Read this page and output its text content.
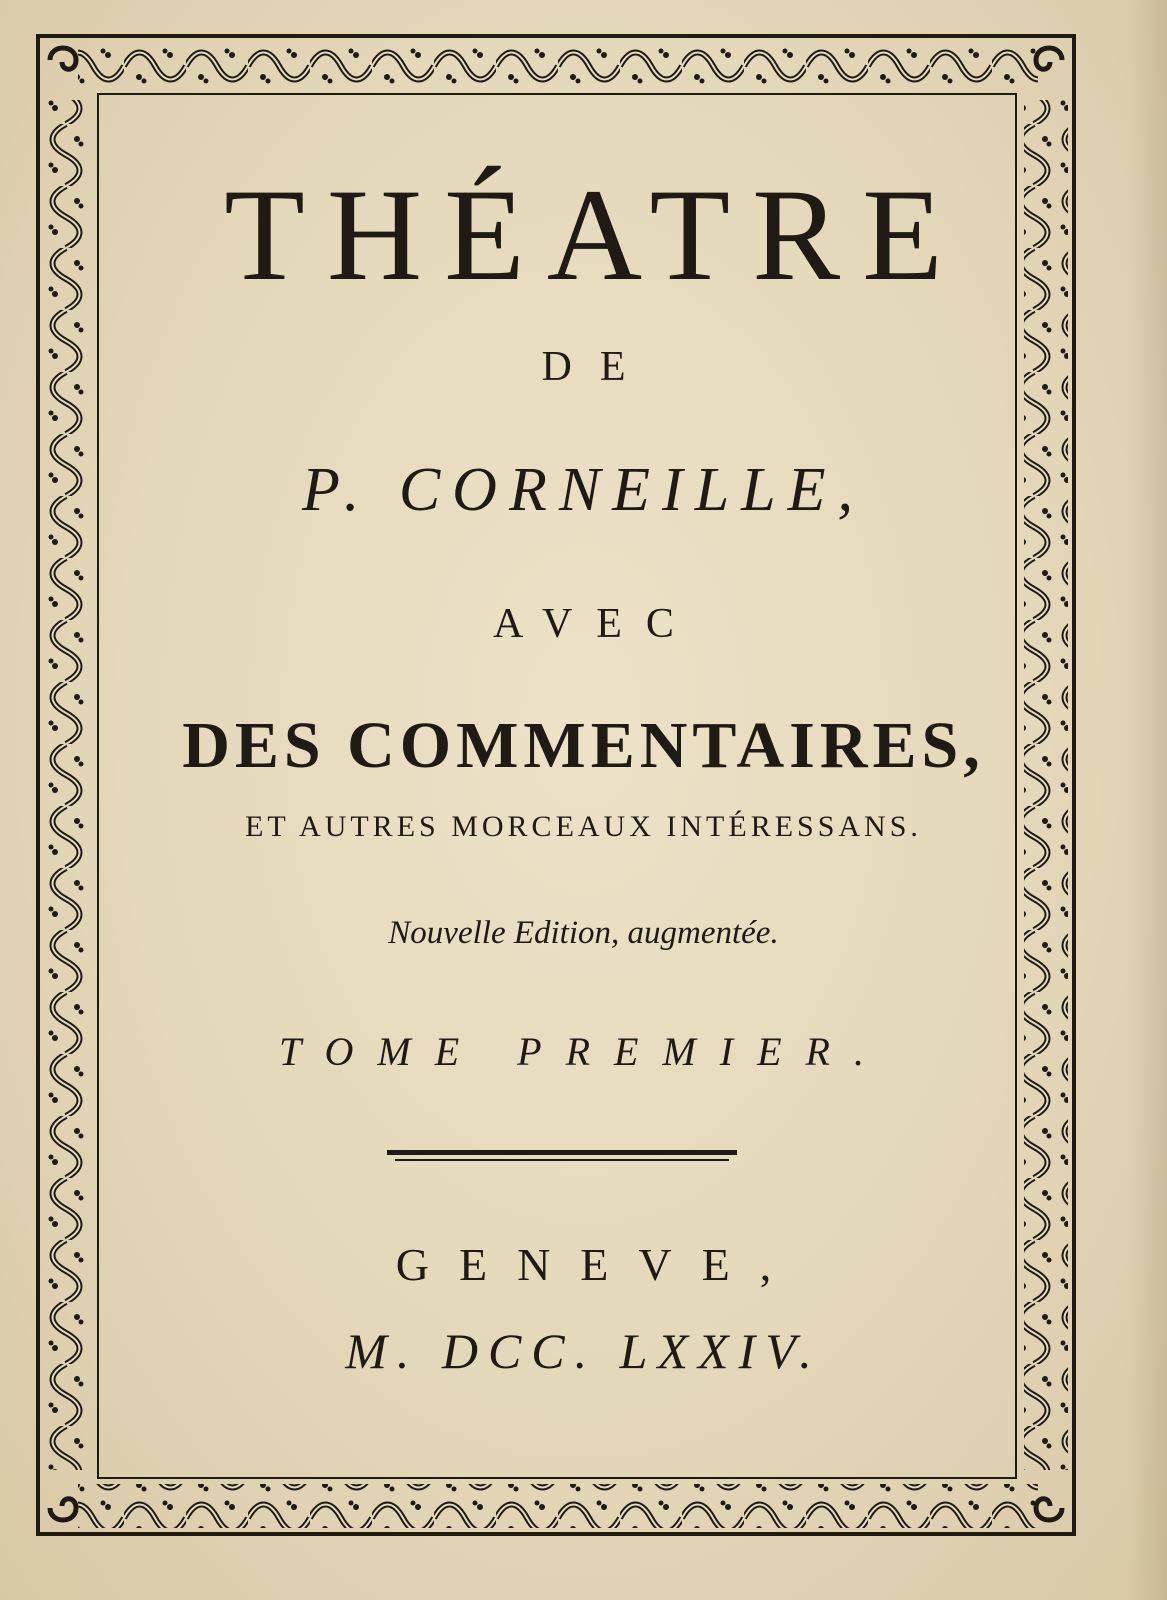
THÉATRE
DE
P. CORNEILLE,
AVEC
DES COMMENTAIRES,
ET AUTRES MORCEAUX INTÉRESSANS.
Nouvelle Edition, augmentée.
TOME PREMIER.
GENEVE,
M. DCC. LXXIV.
